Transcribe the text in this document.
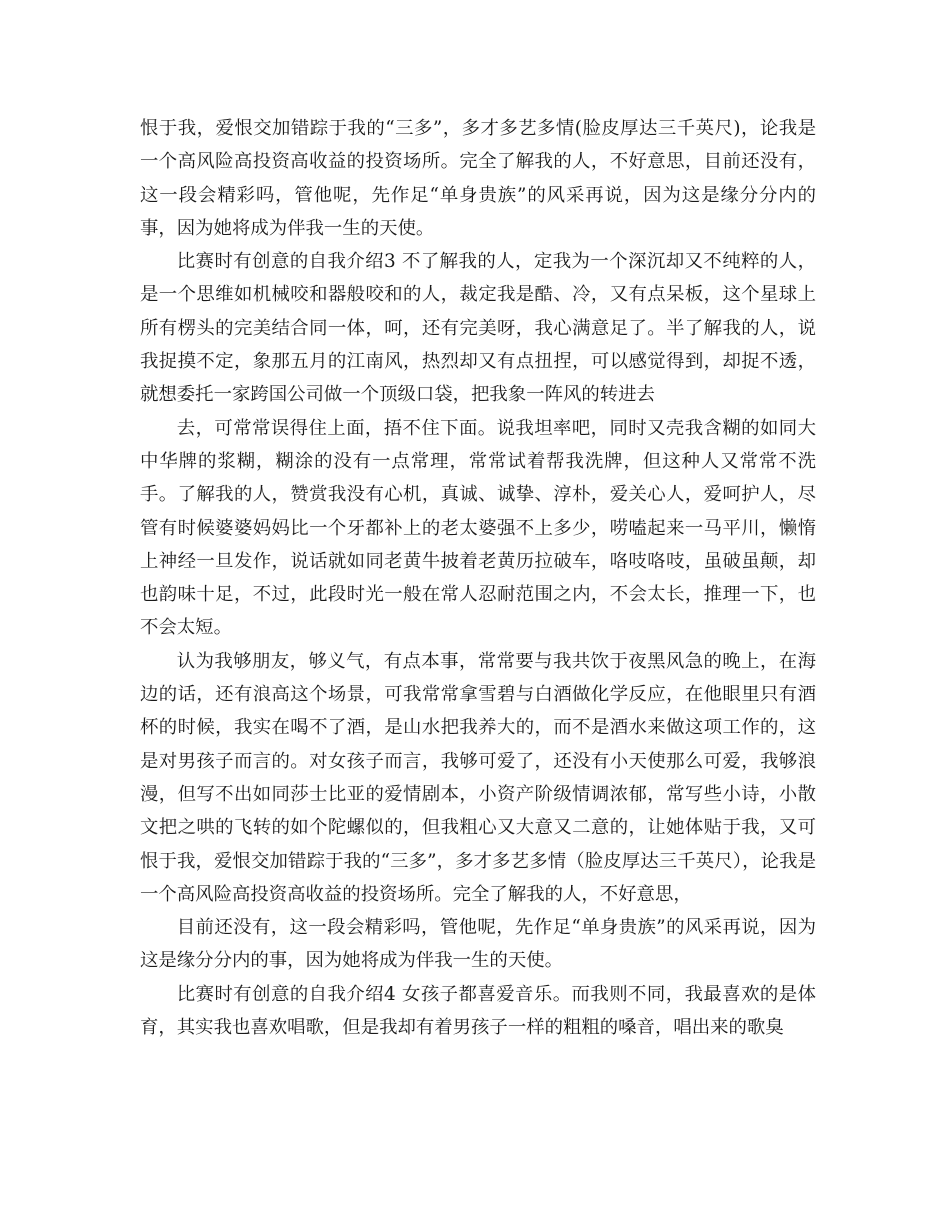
恨于我，爱恨交加错踪于我的“三多”，多才多艺多情(脸皮厚达三千英尺)，论我是一个高风险高投资高收益的投资场所。完全了解我的人，不好意思，目前还没有，这一段会精彩吗，管他呢，先作足“单身贵族”的风采再说，因为这是缘分分内的事，因为她将成为伴我一生的天使。

比赛时有创意的自我介绍3 不了解我的人，定我为一个深沉却又不纯粹的人，是一个思维如机械咬和器般咬和的人，裁定我是酷、冷，又有点呆板，这个星球上所有楞头的完美结合同一体，呵，还有完美呀，我心满意足了。半了解我的人，说我捉摸不定，象那五月的江南风，热烈却又有点扭捏，可以感觉得到，却捉不透，就想委托一家跨国公司做一个顶级口袋，把我象一阵风的转进去

去，可常常误得住上面，捂不住下面。说我坦率吧，同时又壳我含糊的如同大中华牌的浆糊，糊涂的没有一点常理，常常试着帮我洗牌，但这种人又常常不洗手。了解我的人，赞赏我没有心机，真诚、诚挚、淳朴，爱关心人，爱呵护人，尽管有时候婆婆妈妈比一个牙都补上的老太婆强不上多少，唠嗑起来一马平川，懒惰上神经一旦发作，说话就如同老黄牛披着老黄历拉破车，咯吱咯吱，虽破虽颠，却也韵味十足，不过，此段时光一般在常人忍耐范围之内，不会太长，推理一下，也不会太短。

认为我够朋友，够义气，有点本事，常常要与我共饮于夜黑风急的晚上，在海边的话，还有浪高这个场景，可我常常拿雪碧与白酒做化学反应，在他眼里只有酒杯的时候，我实在喝不了酒，是山水把我养大的，而不是酒水来做这项工作的，这是对男孩子而言的。对女孩子而言，我够可爱了，还没有小天使那么可爱，我够浪漫，但写不出如同莎士比亚的爱情剧本，小资产阶级情调浓郁，常写些小诗，小散文把之哄的飞转的如个陀螺似的，但我粗心又大意又二意的，让她体贴于我，又可恨于我，爱恨交加错踪于我的“三多”，多才多艺多情（脸皮厚达三千英尺），论我是一个高风险高投资高收益的投资场所。完全了解我的人，不好意思，

目前还没有，这一段会精彩吗，管他呢，先作足“单身贵族”的风采再说，因为这是缘分分内的事，因为她将成为伴我一生的天使。

比赛时有创意的自我介绍4 女孩子都喜爱音乐。而我则不同，我最喜欢的是体育，其实我也喜欢唱歌，但是我却有着男孩子一样的粗粗的嗓音，唱出来的歌臭
